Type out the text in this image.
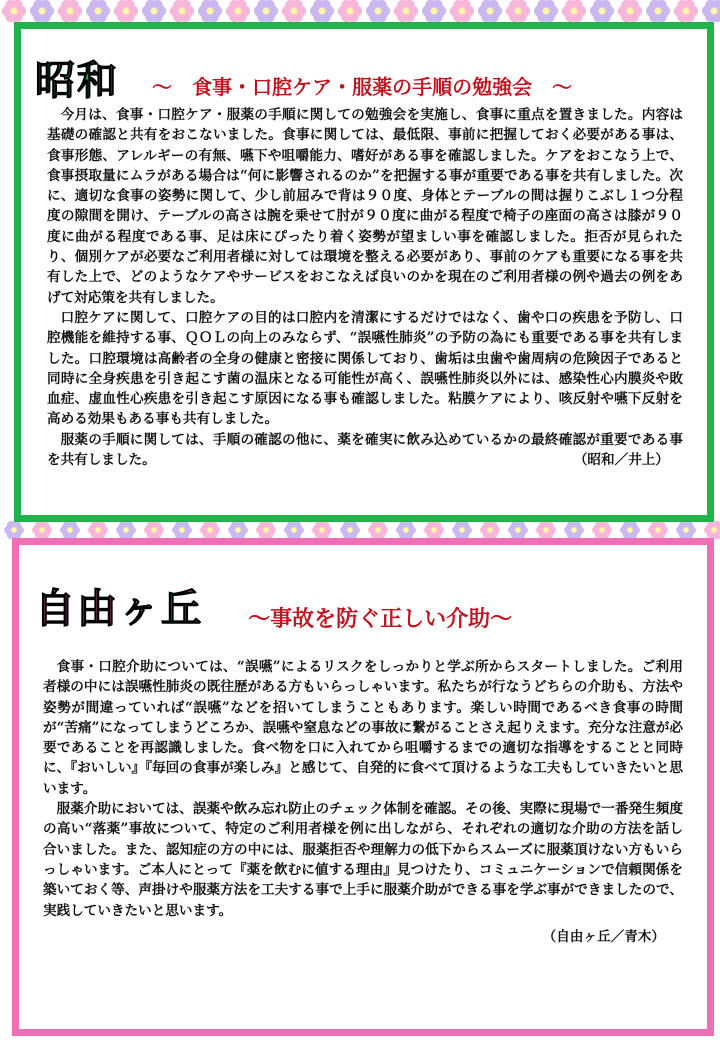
昭和 ～　食事・口腔ケア・服薬の手順の勉強会　～

今月は、食事・口腔ケア・服薬の手順に関しての勉強会を実施し、食事に重点を置きました。内容は基礎の確認と共有をおこないました。食事に関しては、最低限、事前に把握しておく必要がある事は、食事形態、アレルギーの有無、嚥下や咀嚼能力、嗜好がある事を確認しました。ケアをおこなう上で、食事摂取量にムラがある場合は“何に影響されるのか”を把握する事が重要である事を共有しました。次に、適切な食事の姿勢に関して、少し前屈みで背は９０度、身体とテーブルの間は握りこぶし１つ分程度の隙間を開け、テーブルの高さは腕を乗せて肘が９０度に曲がる程度で椅子の座面の高さは膝が９０度に曲がる程度である事、足は床にぴったり着く姿勢が望ましい事を確認しました。拒否が見られたり、個別ケアが必要なご利用者様に対しては環境を整える必要があり、事前のケアも重要になる事を共有した上で、どのようなケアやサービスをおこなえば良いのかを現在のご利用者様の例や過去の例をあげて対応策を共有しました。

口腔ケアに関して、口腔ケアの目的は口腔内を清潔にするだけではなく、歯や口の疾患を予防し、口腔機能を維持する事、ＱＯＬの向上のみならず、“誤嚥性肺炎”の予防の為にも重要である事を共有しました。口腔環境は高齢者の全身の健康と密接に関係しており、歯垢は虫歯や歯周病の危険因子であると同時に全身疾患を引き起こす菌の温床となる可能性が高く、誤嚥性肺炎以外には、感染性心内膜炎や敗血症、虚血性心疾患を引き起こす原因になる事も確認しました。粘膜ケアにより、咳反射や嚥下反射を高める効果もある事も共有しました。

服薬の手順に関しては、手順の確認の他に、薬を確実に飲み込めているかの最終確認が重要である事を共有しました。	（昭和／井上）

自由ヶ丘 ～事故を防ぐ正しい介助～

食事・口腔介助については、“誤嚥”によるリスクをしっかりと学ぶ所からスタートしました。ご利用者様の中には誤嚥性肺炎の既往歴がある方もいらっしゃいます。私たちが行なうどちらの介助も、方法や姿勢が間違っていれば“誤嚥”などを招いてしまうこともあります。楽しい時間であるべき食事の時間が“苦痛”になってしまうどころか、誤嚥や窒息などの事故に繋がることさえ起りえます。充分な注意が必要であることを再認識しました。食べ物を口に入れてから咀嚼するまでの適切な指導をすることと同時に、『おいしい』『毎回の食事が楽しみ』と感じて、自発的に食べて頂けるような工夫もしていきたいと思います。

服薬介助においては、誤薬や飲み忘れ防止のチェック体制を確認。その後、実際に現場で一番発生頻度の高い“落薬”事故について、特定のご利用者様を例に出しながら、それぞれの適切な介助の方法を話し合いました。また、認知症の方の中には、服薬拒否や理解力の低下からスムーズに服薬頂けない方もいらっしゃいます。ご本人にとって『薬を飲むに値する理由』見つけたり、コミュニケーションで信頼関係を築いておく等、声掛けや服薬方法を工夫する事で上手に服薬介助ができる事を学ぶ事ができましたので、実践していきたいと思います。

（自由ヶ丘／青木）
